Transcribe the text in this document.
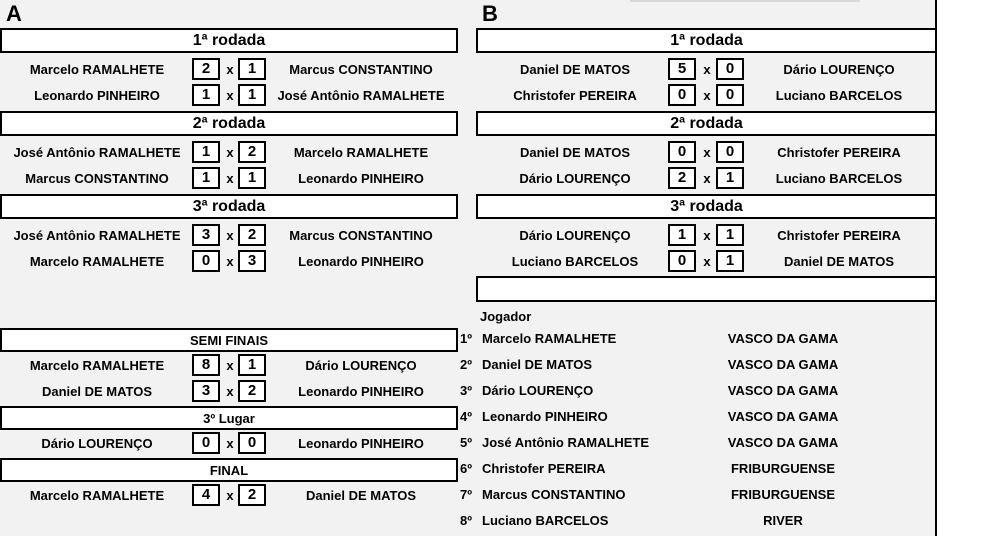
A	B
Jogador
1ª rodada
Marcelo RAMALHETE	2	x 1	Marcus CONSTANTINO
Leonardo PINHEIRO	1	x 1	José Antônio RAMALHETE
2ª rodada
José Antônio RAMALHETE	1	x 2	Marcelo RAMALHETE
Marcus CONSTANTINO	1	x 1	Leonardo PINHEIRO
3ª rodada
José Antônio RAMALHETE	3	x 2	Marcus CONSTANTINO
Marcelo RAMALHETE	0	x 3	Leonardo PINHEIRO
1ª rodada
Daniel DE MATOS	5	x	0	Dário LOURENÇO
Christofer PEREIRA	0	x	0	Luciano BARCELOS
2ª rodada
Daniel DE MATOS	0	x	0	Christofer PEREIRA
Dário LOURENÇO	2	x	1	Luciano BARCELOS
3ª rodada
Dário LOURENÇO	1	x	1	Christofer PEREIRA
Luciano BARCELOS	0	x	1	Daniel DE MATOS
SEMI FINAIS
Marcelo RAMALHETE	8	x 1	Dário LOURENÇO
Daniel DE MATOS	3	x 2	Leonardo PINHEIRO
3º Lugar
Dário LOURENÇO	0	x 0	Leonardo PINHEIRO
FINAL
Marcelo RAMALHETE	4	x 2	Daniel DE MATOS
1º Marcelo RAMALHETE	VASCO DA GAMA
2º Daniel DE MATOS	VASCO DA GAMA
3º Dário LOURENÇO	VASCO DA GAMA
4º Leonardo PINHEIRO	VASCO DA GAMA
5º José Antônio RAMALHETE	VASCO DA GAMA
6º Christofer PEREIRA	FRIBURGUENSE
7º Marcus CONSTANTINO	FRIBURGUENSE
8º Luciano BARCELOS	RIVER
